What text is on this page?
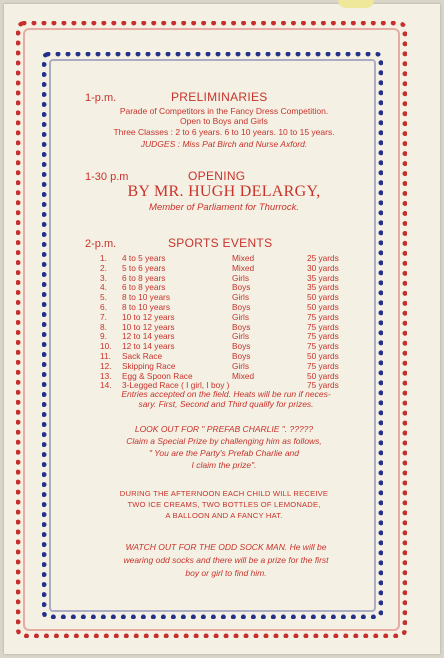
1-p.m.	PRELIMINARIES
Parade of Competitors in the Fancy Dress Competition.
Open to Boys and Girls
Three Classes : 2 to 6 years. 6 to 10 years. 10 to 15 years.
JUDGES : Miss Pat Birch and Nurse Axford.
1-30 p.m	OPENING
BY MR. HUGH DELARGY,
Member of Parliament for Thurrock.
2-p.m.	SPORTS EVENTS
1.	4 to 5 years	Mixed	25 yards
2.	5 to 6 years	Mixed	30 yards
3.	6 to 8 years	Girls	35 yards
4.	6 to 8 years	Boys	35 yards
5.	8 to 10 years	Girls	50 yards
6.	8 to 10 years	Boys	50 yards
7.	10 to 12 years	Girls	75 yards
8.	10 to 12 years	Boys	75 yards
9.	12 to 14 years	Girls	75 yards
10.	12 to 14 years	Boys	75 yards
11.	Sack Race	Boys	50 yards
12.	Skipping Race	Girls	75 yards
13.	Egg & Spoon Race	Mixed	50 yards
14.	3-Legged Race ( I girl, I boy )		75 yards
Entries accepted on the field. Heats will be run if neces-
sary. First, Second and Third qualify for prizes.
LOOK OUT FOR " PREFAB CHARLIE ". ?????
Claim a Special Prize by challenging him as follows,
" You are the Party's Prefab Charlie and
I claim the prize".
DURING THE AFTERNOON EACH CHILD WILL RECEIVE
TWO ICE CREAMS, TWO BOTTLES OF LEMONADE,
A BALLOON AND A FANCY HAT.
WATCH OUT FOR THE ODD SOCK MAN. He will be
wearing odd socks and there will be a prize for the first
boy or girl to find him.
